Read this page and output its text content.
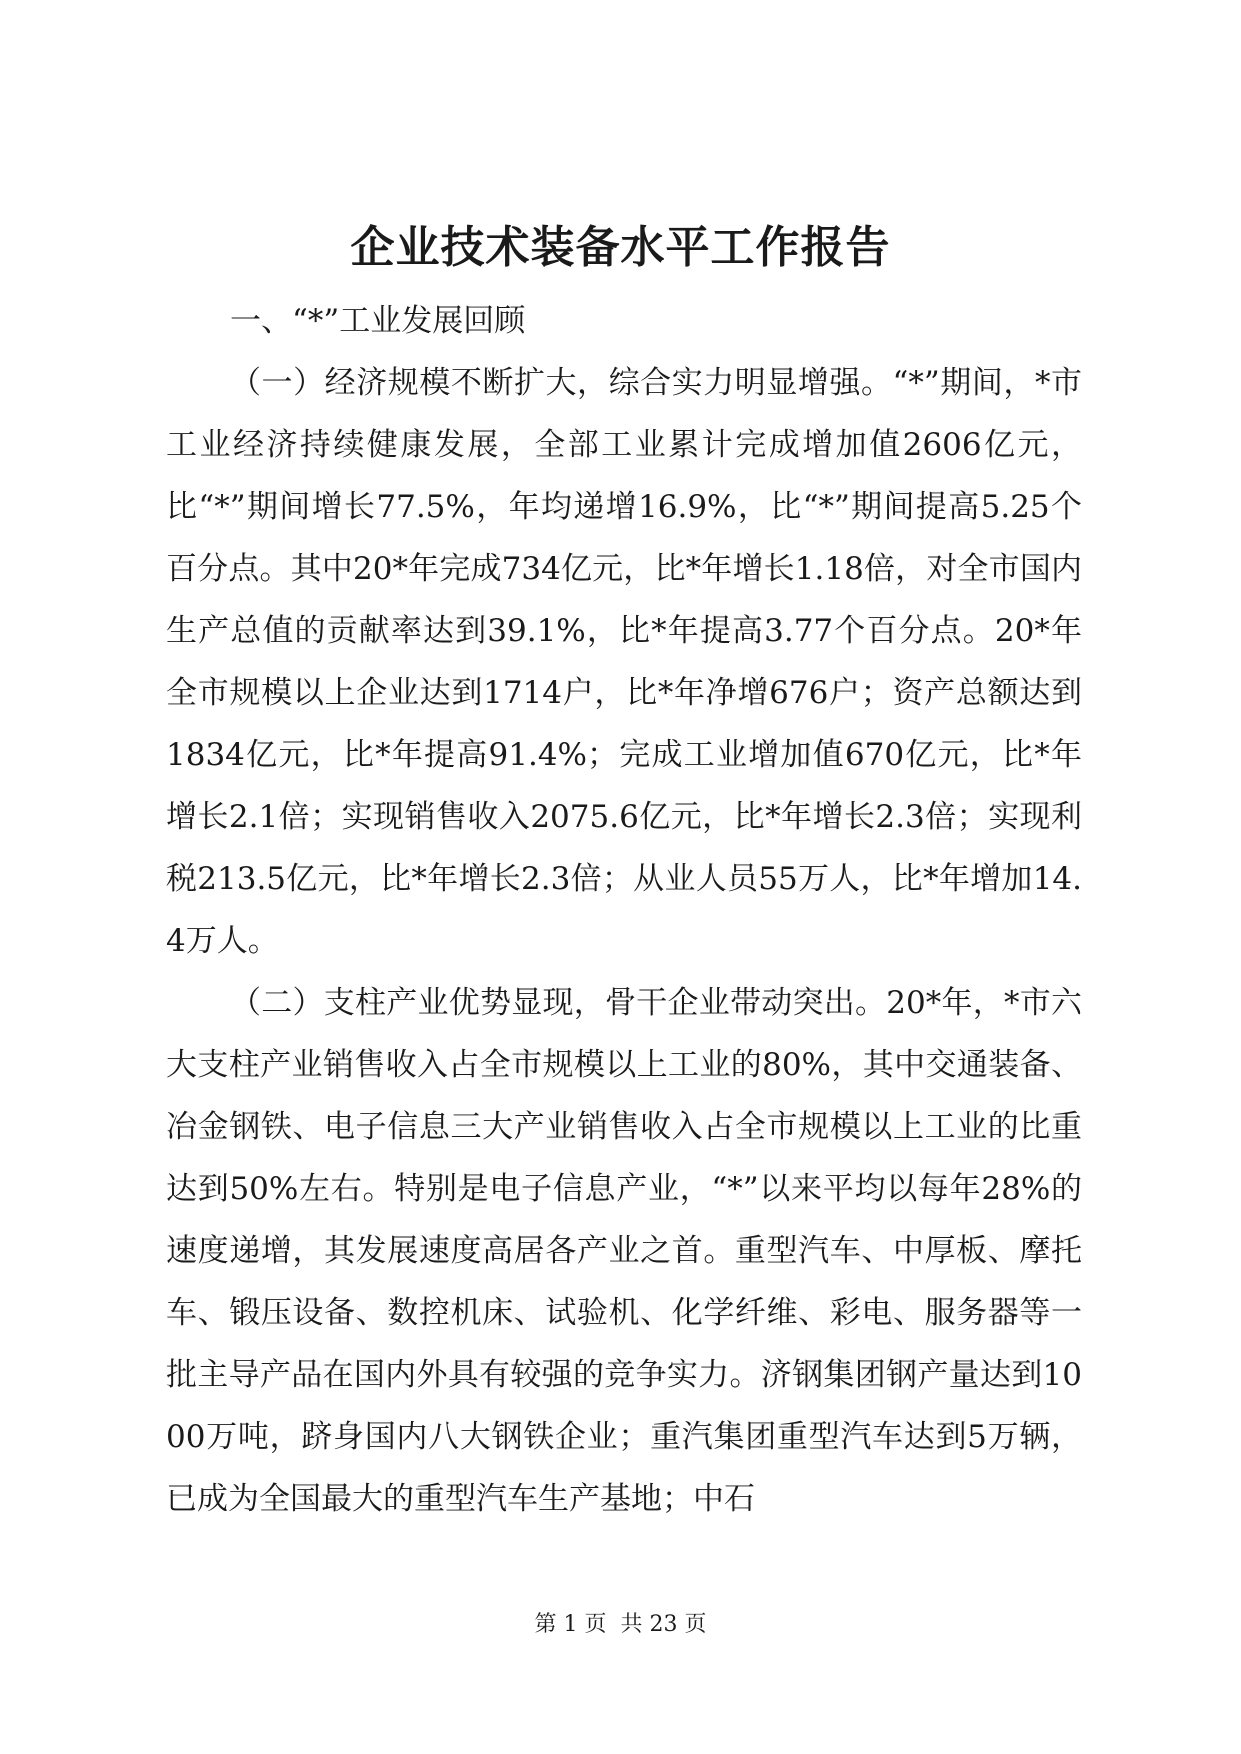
企业技术装备水平工作报告

一、“*”工业发展回顾

（一）经济规模不断扩大，综合实力明显增强。“*”期间，*市工业经济持续健康发展，全部工业累计完成增加值2606亿元，比“*”期间增长77.5%，年均递增16.9%，比“*”期间提高5.25个百分点。其中20*年完成734亿元，比*年增长1.18倍，对全市国内生产总值的贡献率达到39.1%，比*年提高3.77个百分点。20*年全市规模以上企业达到1714户，比*年净增676户；资产总额达到1834亿元，比*年提高91.4%；完成工业增加值670亿元，比*年增长2.1倍；实现销售收入2075.6亿元，比*年增长2.3倍；实现利税213.5亿元，比*年增长2.3倍；从业人员55万人，比*年增加14.4万人。

（二）支柱产业优势显现，骨干企业带动突出。20*年，*市六大支柱产业销售收入占全市规模以上工业的80%，其中交通装备、冶金钢铁、电子信息三大产业销售收入占全市规模以上工业的比重达到50%左右。特别是电子信息产业，“*”以来平均以每年28%的速度递增，其发展速度高居各产业之首。重型汽车、中厚板、摩托车、锻压设备、数控机床、试验机、化学纤维、彩电、服务器等一批主导产品在国内外具有较强的竞争实力。济钢集团钢产量达到1000万吨，跻身国内八大钢铁企业；重汽集团重型汽车达到5万辆，已成为全国最大的重型汽车生产基地；中石

第 1 页  共 23 页
